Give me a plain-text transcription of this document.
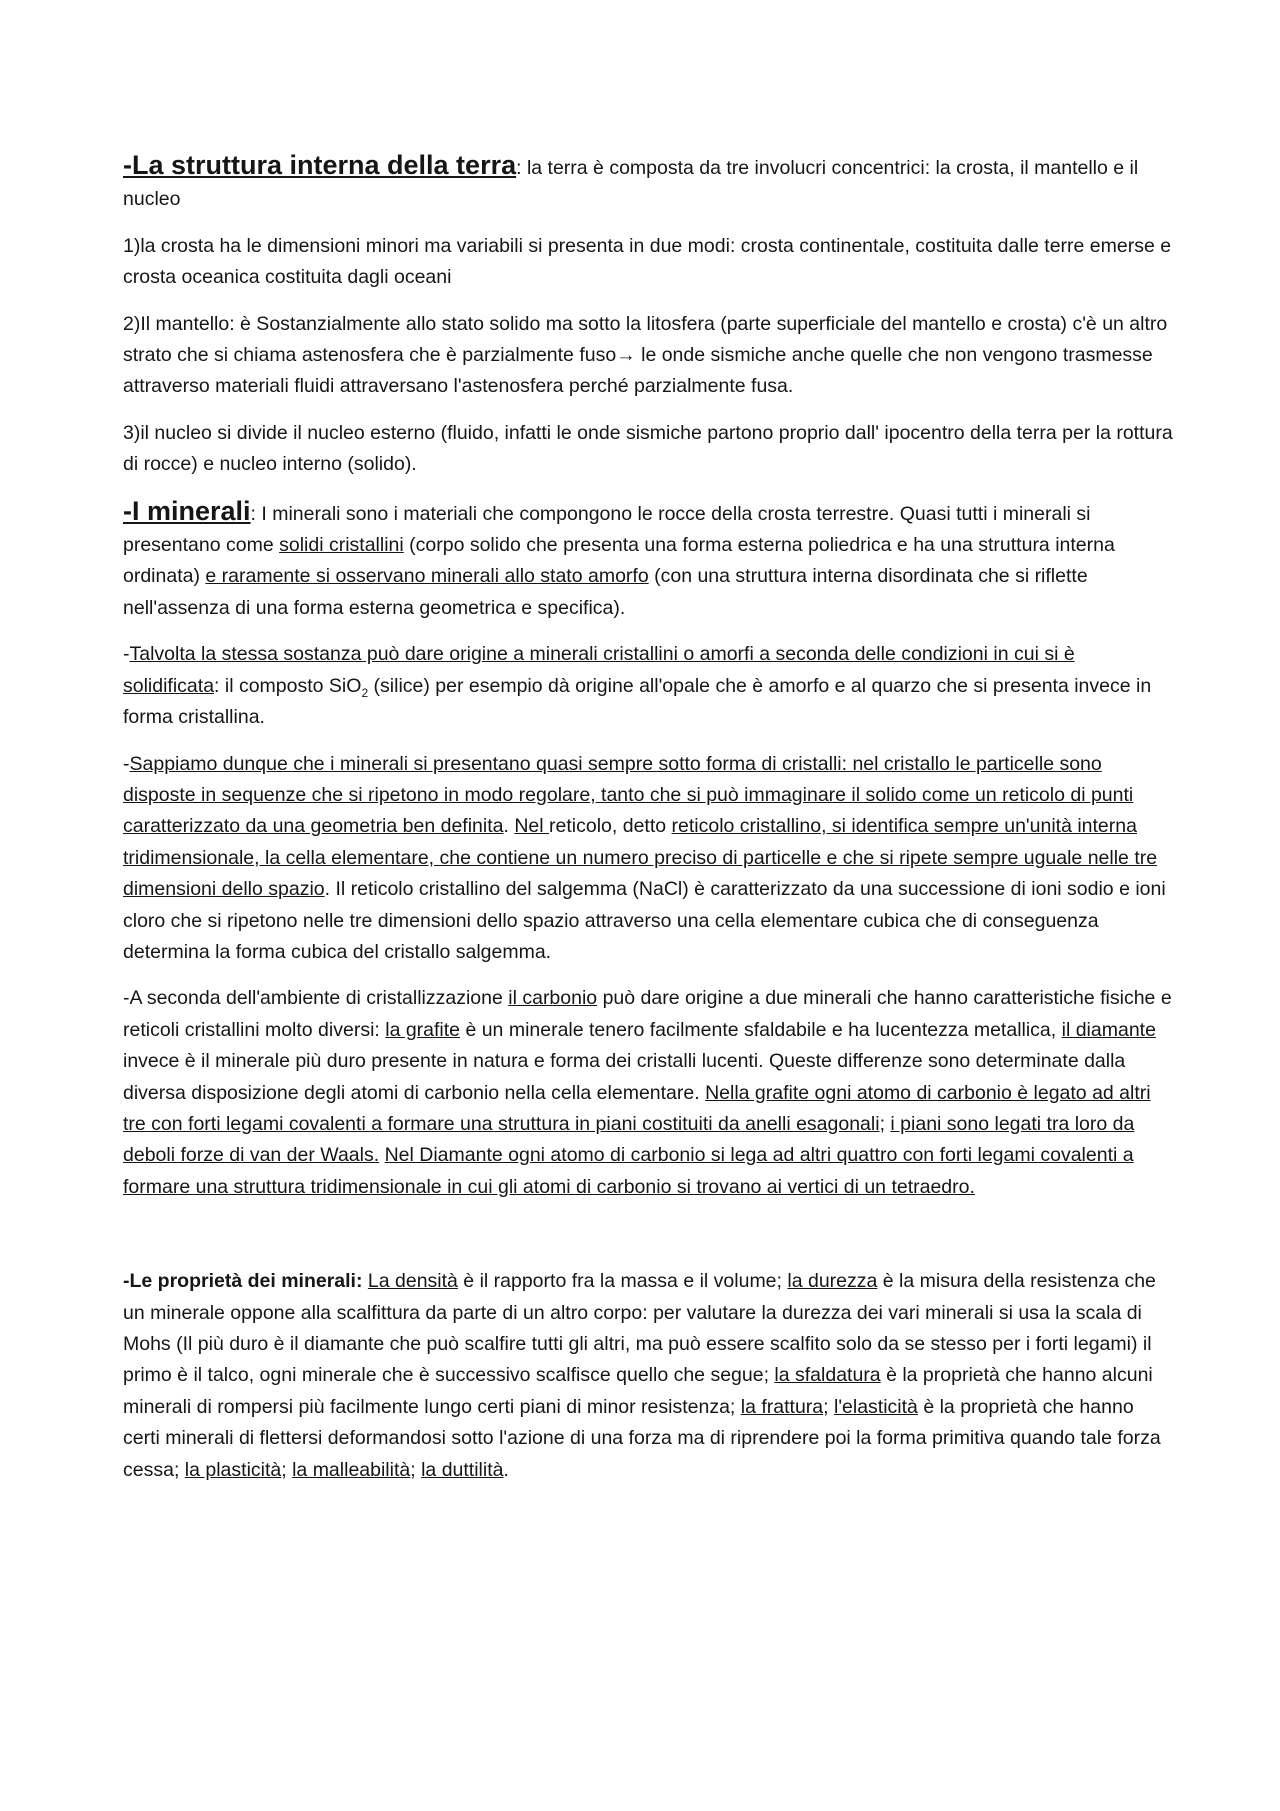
-La struttura interna della terra: la terra è composta da tre involucri concentrici: la crosta, il mantello e il nucleo

1)la crosta ha le dimensioni minori ma variabili si presenta in due modi: crosta continentale, costituita dalle terre emerse e crosta oceanica costituita dagli oceani

2)Il mantello: è Sostanzialmente allo stato solido ma sotto la litosfera (parte superficiale del mantello e crosta) c'è un altro strato che si chiama astenosfera che è parzialmente fuso→ le onde sismiche anche quelle che non vengono trasmesse attraverso materiali fluidi attraversano l'astenosfera perché parzialmente fusa.

3)il nucleo si divide il nucleo esterno (fluido, infatti le onde sismiche partono proprio dall' ipocentro della terra per la rottura di rocce) e nucleo interno (solido).

-I minerali: I minerali sono i materiali che compongono le rocce della crosta terrestre. Quasi tutti i minerali si presentano come solidi cristallini (corpo solido che presenta una forma esterna poliedrica e ha una struttura interna ordinata) e raramente si osservano minerali allo stato amorfo (con una struttura interna disordinata che si riflette nell'assenza di una forma esterna geometrica e specifica).

-Talvolta la stessa sostanza può dare origine a minerali cristallini o amorfi a seconda delle condizioni in cui si è solidificata: il composto SiO$_2$ (silice) per esempio dà origine all'opale che è amorfo e al quarzo che si presenta invece in forma cristallina.

-Sappiamo dunque che i minerali si presentano quasi sempre sotto forma di cristalli: nel cristallo le particelle sono disposte in sequenze che si ripetono in modo regolare, tanto che si può immaginare il solido come un reticolo di punti caratterizzato da una geometria ben definita. Nel reticolo, detto reticolo cristallino, si identifica sempre un'unità interna tridimensionale, la cella elementare, che contiene un numero preciso di particelle e che si ripete sempre uguale nelle tre dimensioni dello spazio. Il reticolo cristallino del salgemma (NaCl) è caratterizzato da una successione di ioni sodio e ioni cloro che si ripetono nelle tre dimensioni dello spazio attraverso una cella elementare cubica che di conseguenza determina la forma cubica del cristallo salgemma.

-A seconda dell'ambiente di cristallizzazione il carbonio può dare origine a due minerali che hanno caratteristiche fisiche e reticoli cristallini molto diversi: la grafite è un minerale tenero facilmente sfaldabile e ha lucentezza metallica, il diamante invece è il minerale più duro presente in natura e forma dei cristalli lucenti. Queste differenze sono determinate dalla diversa disposizione degli atomi di carbonio nella cella elementare. Nella grafite ogni atomo di carbonio è legato ad altri tre con forti legami covalenti a formare una struttura in piani costituiti da anelli esagonali; i piani sono legati tra loro da deboli forze di van der Waals. Nel Diamante ogni atomo di carbonio si lega ad altri quattro con forti legami covalenti a formare una struttura tridimensionale in cui gli atomi di carbonio si trovano ai vertici di un tetraedro.

-Le proprietà dei minerali: La densità è il rapporto fra la massa e il volume; la durezza è la misura della resistenza che un minerale oppone alla scalfittura da parte di un altro corpo: per valutare la durezza dei vari minerali si usa la scala di Mohs (Il più duro è il diamante che può scalfire tutti gli altri, ma può essere scalfito solo da se stesso per i forti legami) il primo è il talco, ogni minerale che è successivo scalfisce quello che segue; la sfaldatura è la proprietà che hanno alcuni minerali di rompersi più facilmente lungo certi piani di minor resistenza; la frattura; l'elasticità è la proprietà che hanno certi minerali di flettersi deformandosi sotto l'azione di una forza ma di riprendere poi la forma primitiva quando tale forza cessa; la plasticità; la malleabilità; la duttilità.
